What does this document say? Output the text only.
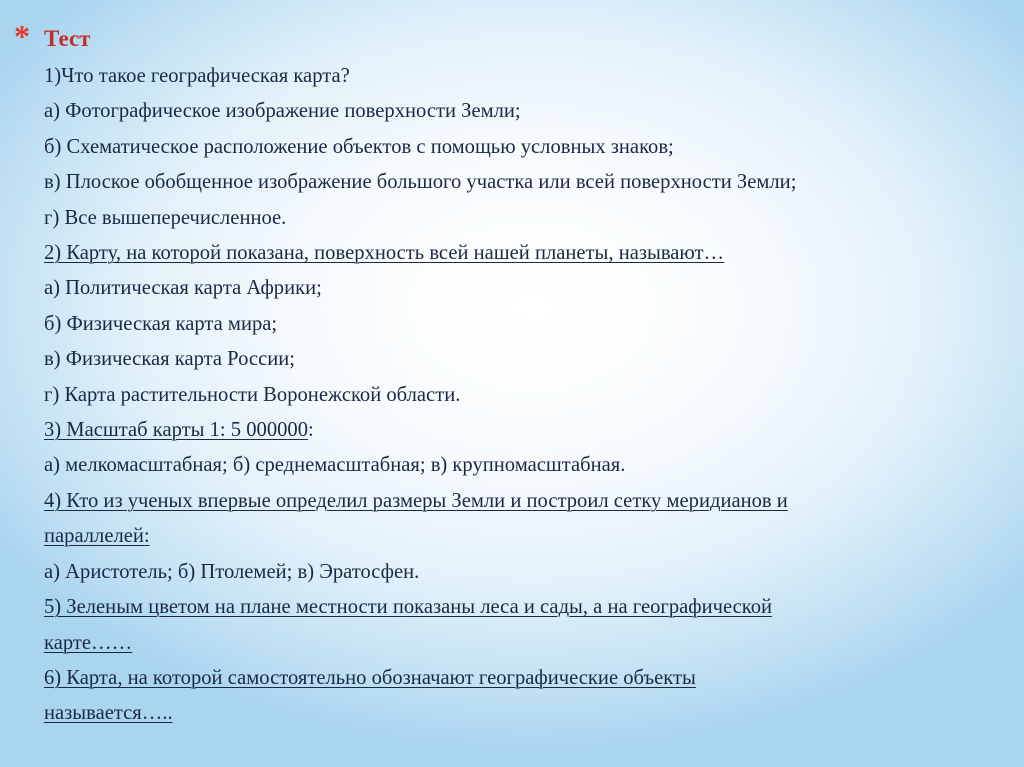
* Тест
1)Что такое географическая карта?
а) Фотографическое изображение поверхности Земли;
б) Схематическое расположение объектов с помощью условных знаков;
в) Плоское обобщенное изображение большого участка или всей поверхности Земли;
г) Все вышеперечисленное.
2) Карту, на которой показана, поверхность всей нашей планеты, называют…
а) Политическая карта Африки;
б) Физическая карта мира;
в) Физическая карта России;
г) Карта растительности Воронежской области.
3) Масштаб карты 1: 5 000000:
а) мелкомасштабная; б) среднемасштабная; в) крупномасштабная.
4) Кто из ученых впервые определил размеры Земли и построил сетку меридианов и
параллелей:
а) Аристотель; б) Птолемей; в) Эратосфен.
5) Зеленым цветом на плане местности показаны леса и сады, а на географической
карте……
6) Карта, на которой самостоятельно обозначают географические объекты
называется…..
